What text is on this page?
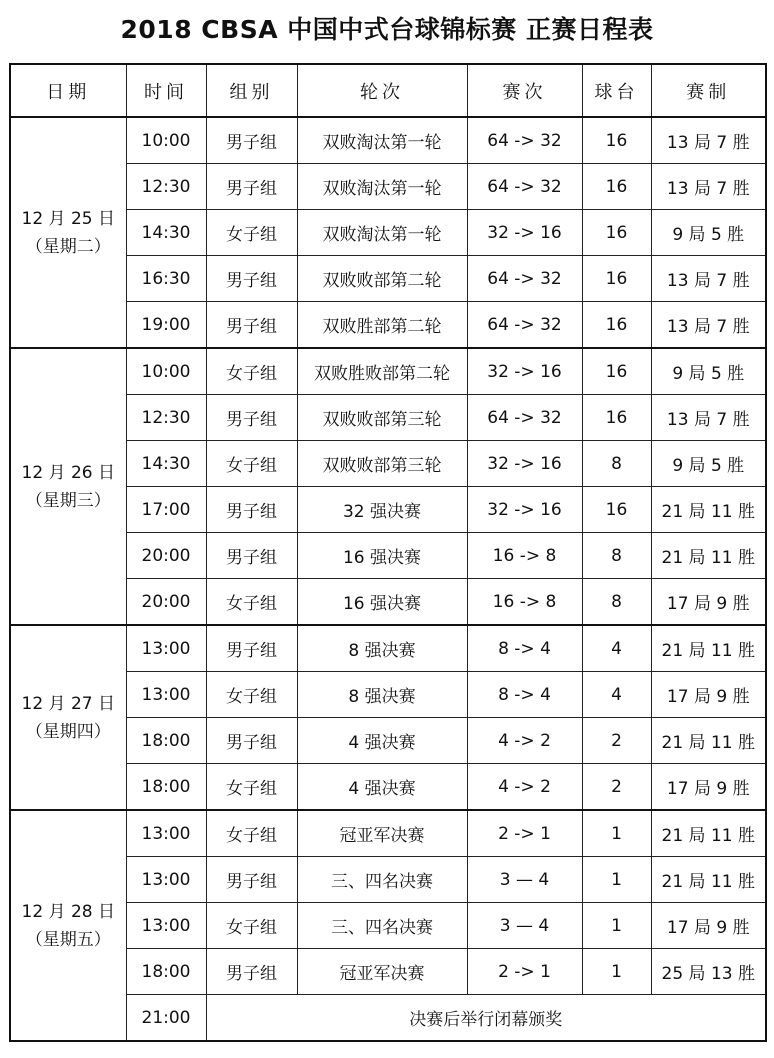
2018 CBSA 中国中式台球锦标赛 正赛日程表
日期	时间	组别	轮次	赛次	球台	赛制

12 月 25 日
（星期二）	10:00	男子组	双败淘汰第一轮	64 -> 32	16	13 局 7 胜
	12:30	男子组	双败淘汰第一轮	64 -> 32	16	13 局 7 胜
	14:30	女子组	双败淘汰第一轮	32 -> 16	16	9 局 5 胜
	16:30	男子组	双败败部第二轮	64 -> 32	16	13 局 7 胜
	19:00	男子组	双败胜部第二轮	64 -> 32	16	13 局 7 胜

12 月 26 日
（星期三）	10:00	女子组	双败胜败部第二轮	32 -> 16	16	9 局 5 胜
	12:30	男子组	双败败部第三轮	64 -> 32	16	13 局 7 胜
	14:30	女子组	双败败部第三轮	32 -> 16	8	9 局 5 胜
	17:00	男子组	32 强决赛	32 -> 16	16	21 局 11 胜
	20:00	男子组	16 强决赛	16 -> 8	8	21 局 11 胜
	20:00	女子组	16 强决赛	16 -> 8	8	17 局 9 胜

12 月 27 日
（星期四）	13:00	男子组	8 强决赛	8 -> 4	4	21 局 11 胜
	13:00	女子组	8 强决赛	8 -> 4	4	17 局 9 胜
	18:00	男子组	4 强决赛	4 -> 2	2	21 局 11 胜
	18:00	女子组	4 强决赛	4 -> 2	2	17 局 9 胜

12 月 28 日
（星期五）	13:00	女子组	冠亚军决赛	2 -> 1	1	21 局 11 胜
	13:00	男子组	三、四名决赛	3 — 4	1	21 局 11 胜
	13:00	女子组	三、四名决赛	3 — 4	1	17 局 9 胜
	18:00	男子组	冠亚军决赛	2 -> 1	1	25 局 13 胜
	21:00	决赛后举行闭幕颁奖				
